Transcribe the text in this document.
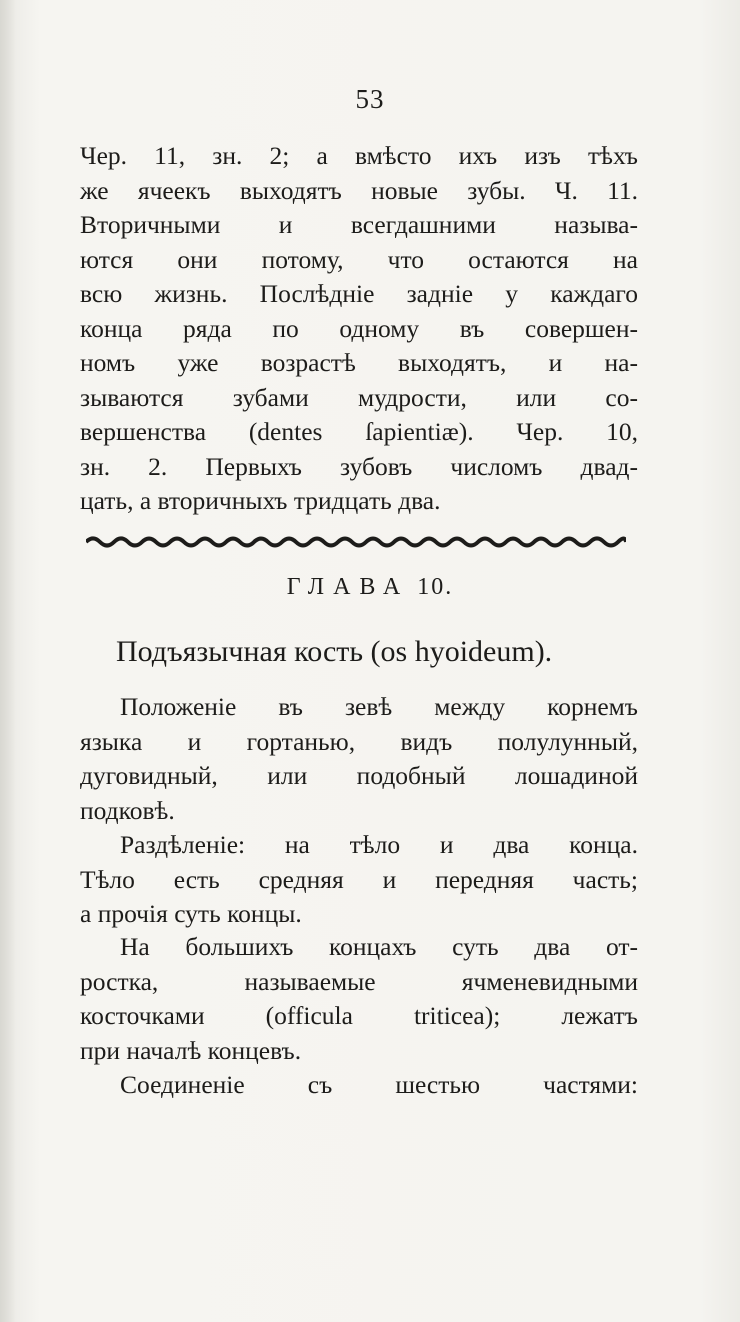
53
Чер. 11, зн. 2; а вмѣсто ихъ изъ тѣхъ
же ячеекъ выходятъ новые зубы. Ч. 11.
Вторичными и всегдашними называ-
ются они потому, что остаются на
всю жизнь. Послѣдніе задніе у каждаго
конца ряда по одному въ совершен-
номъ уже возрастѣ выходятъ, и на-
зываются зубами мудрости, или со-
вершенства (dentes ſapientiæ). Чер. 10,
зн. 2. Первыхъ зубовъ числомъ двад-
цать, а вторичныхъ тридцать два.
ГЛАВА 10.
Подъязычная кость (os hyoideum).
Положеніе въ зевѣ между корнемъ
языка и гортанью, видъ полулунный,
дуговидный, или подобный лошадиной
подковѣ.
Раздѣленіе: на тѣло и два конца.
Тѣло есть средняя и передняя часть;
а прочія суть концы.
На большихъ концахъ суть два от-
ростка, называемые ячменевидными
косточками (officula triticea); лежатъ
при началѣ концевъ.
Соединеніе съ шестью частями:
